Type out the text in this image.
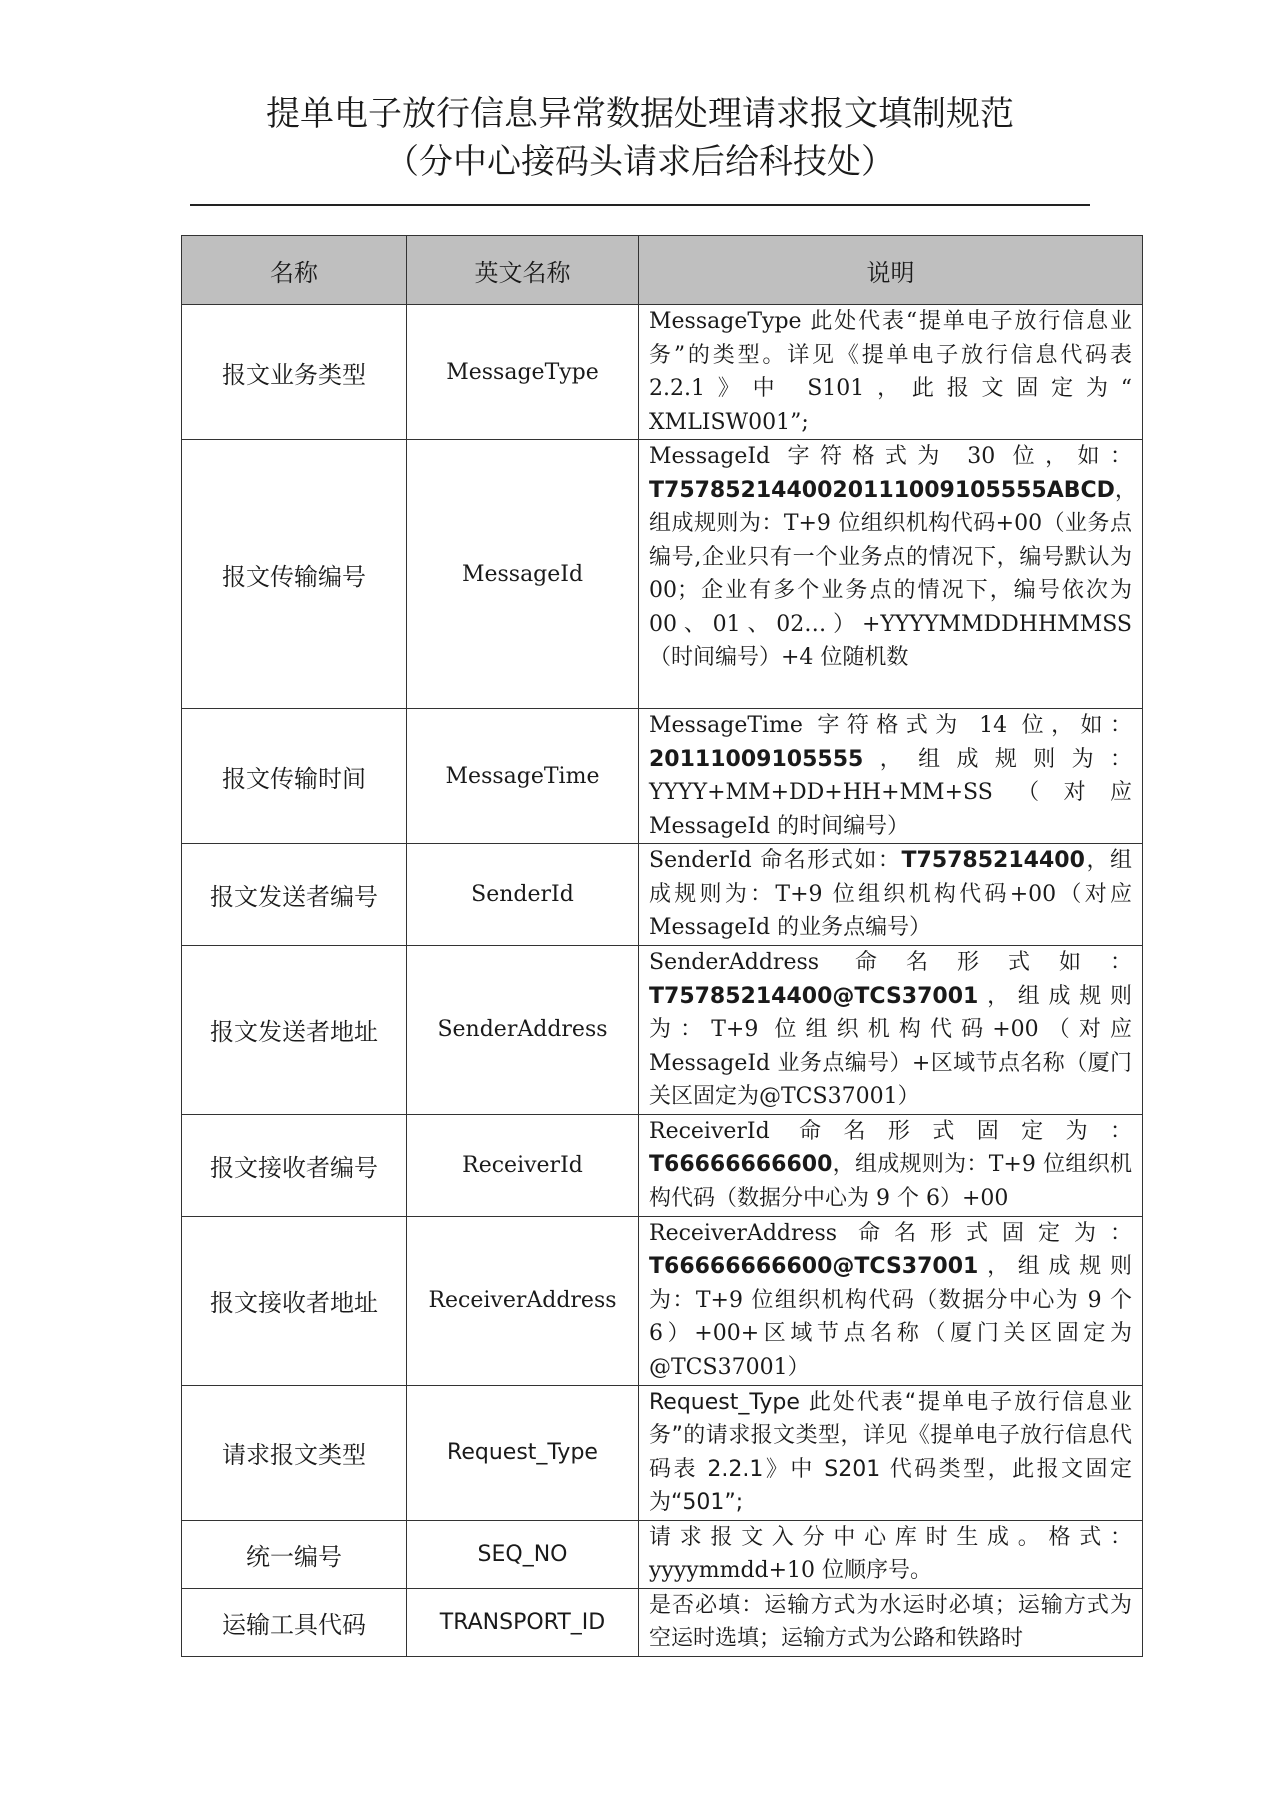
提单电子放行信息异常数据处理请求报文填制规范
（分中心接码头请求后给科技处）
名称	英文名称	说明
报文业务类型	MessageType	MessageType 此处代表“提单电子放行信息业务”的类型。详见《提单电子放行信息代码表 2.2.1》中 S101，此报文固定为“ XMLISW001”;
报文传输编号	MessageId	MessageId 字符格式为 30 位，如：T7578521440020111009105555ABCD，组成规则为：T+9 位组织机构代码+00（业务点编号,企业只有一个业务点的情况下，编号默认为 00；企业有多个业务点的情况下，编号依次为 00、01、02…）+YYYYMMDDHHMMSS（时间编号）+4 位随机数
报文传输时间	MessageTime	MessageTime 字符格式为 14 位，如：20111009105555，组成规则为：YYYY+MM+DD+HH+MM+SS（对应 MessageId 的时间编号）
报文发送者编号	SenderId	SenderId 命名形式如：T75785214400，组成规则为：T+9 位组织机构代码+00（对应 MessageId 的业务点编号）
报文发送者地址	SenderAddress	SenderAddress 命名形式如：T75785214400@TCS37001，组成规则为：T+9 位组织机构代码+00（对应 MessageId 业务点编号）+区域节点名称（厦门关区固定为@TCS37001）
报文接收者编号	ReceiverId	ReceiverId 命名形式固定为：T66666666600，组成规则为：T+9 位组织机构代码（数据分中心为 9 个 6）+00
报文接收者地址	ReceiverAddress	ReceiverAddress 命名形式固定为：T66666666600@TCS37001，组成规则为：T+9 位组织机构代码（数据分中心为 9 个 6）+00+区域节点名称（厦门关区固定为@TCS37001）
请求报文类型	Request_Type	Request_Type 此处代表“提单电子放行信息业务”的请求报文类型，详见《提单电子放行信息代码表 2.2.1》中 S201 代码类型，此报文固定为“501”;
统一编号	SEQ_NO	请求报文入分中心库时生成。格式：yyyymmdd+10 位顺序号。
运输工具代码	TRANSPORT_ID	是否必填：运输方式为水运时必填；运输方式为空运时选填；运输方式为公路和铁路时
